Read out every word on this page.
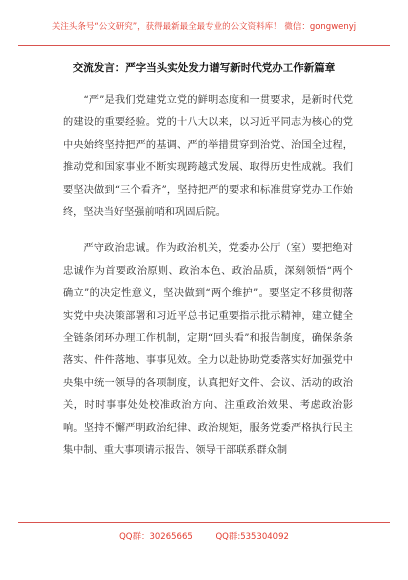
关注头条号“公文研究”，获得最新最全最专业的公文资料库！ 微信：gongwenyj
交流发言：严字当头实处发力谱写新时代党办工作新篇章

“严”是我们党建党立党的鲜明态度和一贯要求，是新时代党的建设的重要经验。党的十八大以来，以习近平同志为核心的党中央始终坚持把严的基调、严的举措贯穿到治党、治国全过程，推动党和国家事业不断实现跨越式发展、取得历史性成就。我们要坚决做到“三个看齐”，坚持把严的要求和标准贯穿党办工作始终，坚决当好坚强前哨和巩固后院。

严守政治忠诚。作为政治机关，党委办公厅（室）要把绝对忠诚作为首要政治原则、政治本色、政治品质，深刻领悟“两个确立”的决定性意义，坚决做到“两个维护”。要坚定不移贯彻落实党中央决策部署和习近平总书记重要指示批示精神，建立健全全链条闭环办理工作机制，定期“回头看”和报告制度，确保条条落实、件件落地、事事见效。全力以赴协助党委落实好加强党中央集中统一领导的各项制度，认真把好文件、会议、活动的政治关，时时事事处处校准政治方向、注重政治效果、考虑政治影响。坚持不懈严明政治纪律、政治规矩，服务党委严格执行民主集中制、重大事项请示报告、领导干部联系群众制

QQ群：30265665	QQ群:535304092
